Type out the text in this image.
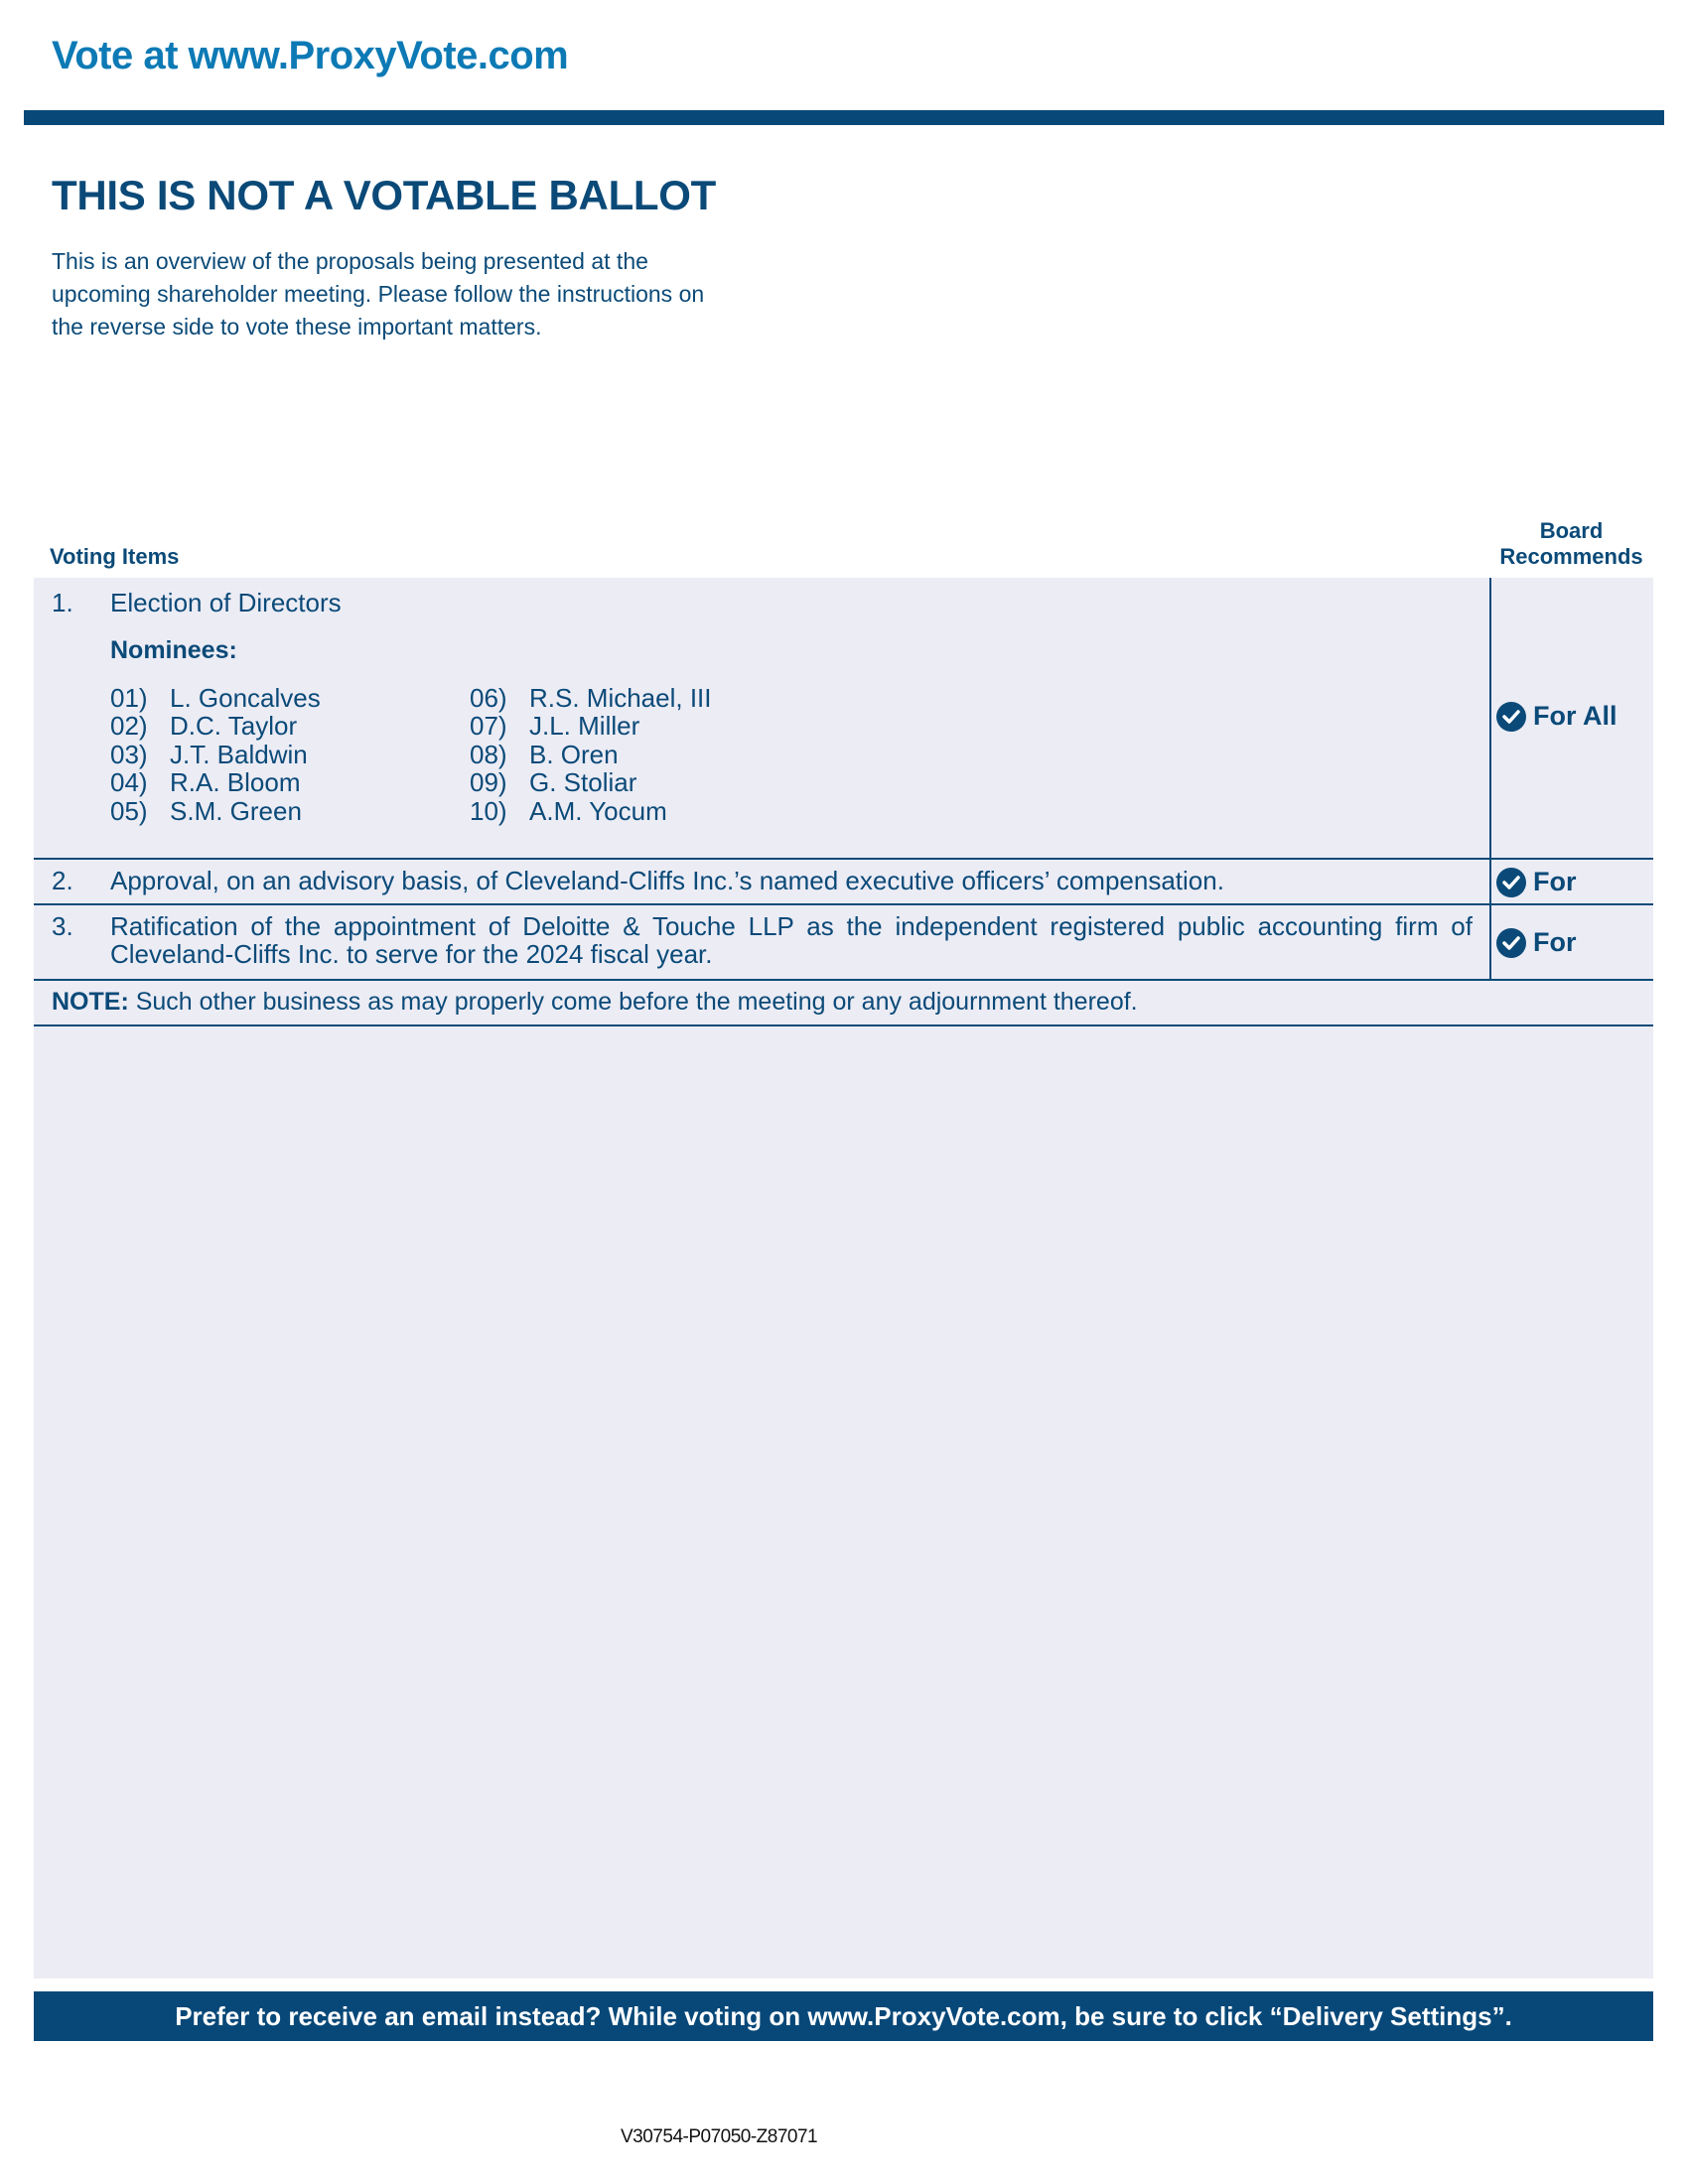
Vote at www.ProxyVote.com
THIS IS NOT A VOTABLE BALLOT
This is an overview of the proposals being presented at the
upcoming shareholder meeting. Please follow the instructions on
the reverse side to vote these important matters.
Voting Items
Board
Recommends
1. Election of Directors
Nominees:
01) L. Goncalves
02) D.C. Taylor
03) J.T. Baldwin
04) R.A. Bloom
05) S.M. Green
06) R.S. Michael, III
07) J.L. Miller
08) B. Oren
09) G. Stoliar
10) A.M. Yocum
For All
2. Approval, on an advisory basis, of Cleveland-Cliffs Inc.’s named executive officers’ compensation.	For
3. Ratification of the appointment of Deloitte & Touche LLP as the independent registered public accounting firm of Cleveland-Cliffs Inc. to serve for the 2024 fiscal year.	For
NOTE: Such other business as may properly come before the meeting or any adjournment thereof.
Prefer to receive an email instead? While voting on www.ProxyVote.com, be sure to click “Delivery Settings”.
V30754-P07050-Z87071
